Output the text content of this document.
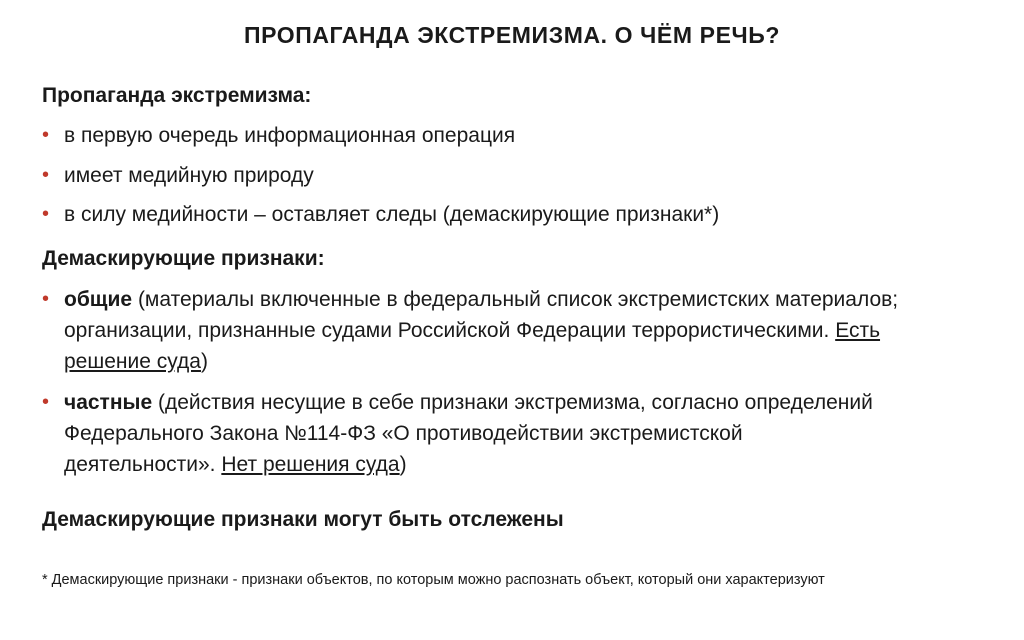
ПРОПАГАНДА ЭКСТРЕМИЗМА. О ЧЁМ РЕЧЬ?
Пропаганда экстремизма:
• в первую очередь информационная операция
• имеет медийную природу
• в силу медийности – оставляет следы (демаскирующие признаки*)
Демаскирующие признаки:
• общие (материалы включенные в федеральный список экстремистских материалов; организации, признанные судами Российской Федерации террористическими. Есть решение суда)
• частные (действия несущие в себе признаки экстремизма, согласно определений Федерального Закона №114-ФЗ «О противодействии экстремистской деятельности». Нет решения суда)
Демаскирующие признаки могут быть отслежены
* Демаскирующие признаки - признаки объектов, по которым можно распознать объект, который они характеризуют
